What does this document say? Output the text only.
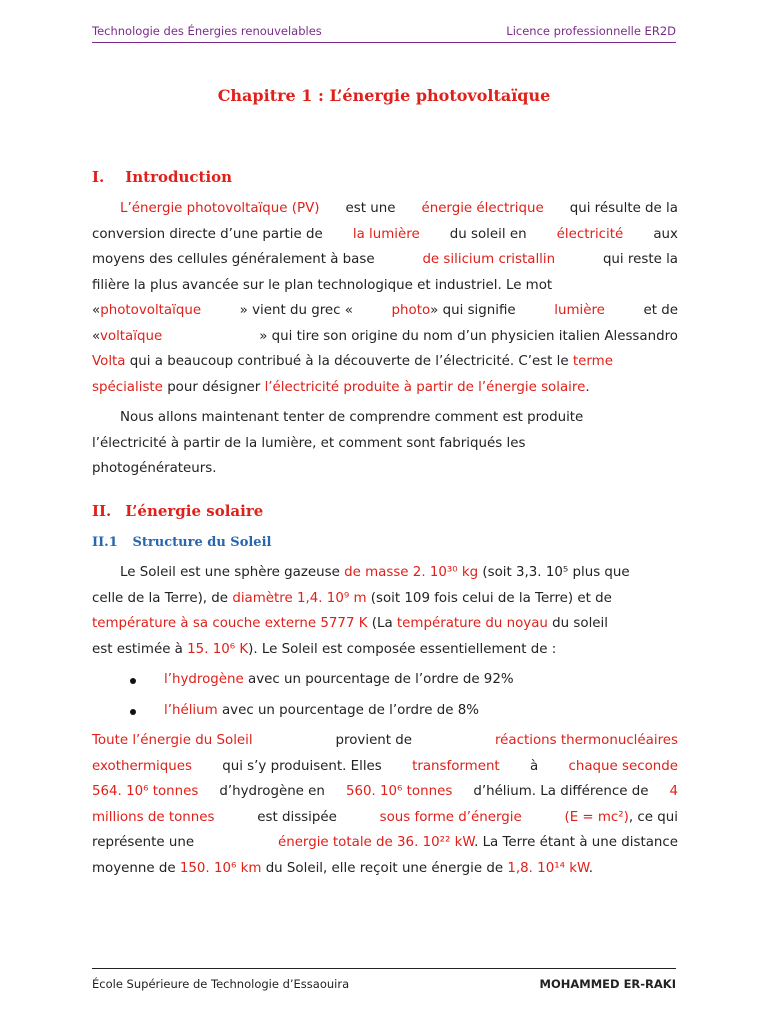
Technologie des Énergies renouvelables	Licence professionnelle ER2D
Chapitre 1 : L’énergie photovoltaïque
I. Introduction
L’énergie photovoltaïque (PV) est une énergie électrique qui résulte de la
conversion directe d’une partie de la lumière du soleil en électricité aux
moyens des cellules généralement à base	de silicium cristallin	qui reste la
filière la plus avancée sur le plan technologique et industriel. Le mot
«photovoltaïque	» vient du grec «	photo» qui signifie	lumière	et de
«voltaïque	» qui tire son origine du nom d’un physicien italien Alessandro
Volta qui a beaucoup contribué à la découverte de l’électricité. C’est le terme
spécialiste pour désigner l’électricité produite à partir de l’énergie solaire.
Nous allons maintenant tenter de comprendre comment est produite
l’électricité à partir de la lumière, et comment sont fabriqués les
photogénérateurs.
II. L’énergie solaire
II.1 Structure du Soleil
Le Soleil est une sphère gazeuse de masse 2. 10³⁰ kg (soit 3,3. 10⁵ plus que
celle de la Terre), de diamètre 1,4. 10⁹ m (soit 109 fois celui de la Terre) et de
température à sa couche externe 5777 K (La température du noyau du soleil
est estimée à 15. 10⁶ K). Le Soleil est composée essentiellement de :
l’hydrogène avec un pourcentage de l’ordre de 92%
l’hélium avec un pourcentage de l’ordre de 8%
Toute l’énergie du Soleil	provient de	réactions thermonucléaires
exothermiques qui s’y produisent. Elles transforment à chaque seconde
564. 10⁶ tonnes d’hydrogène en 560. 10⁶ tonnes d’hélium. La différence de 4
millions de tonnes	est dissipée	sous forme d’énergie	(E = mc²), ce qui
représente une	énergie totale de 36. 10²² kW. La Terre étant à une distance
moyenne de 150. 10⁶ km du Soleil, elle reçoit une énergie de 1,8. 10¹⁴ kW.
École Supérieure de Technologie d’Essaouira	MOHAMMED ER-RAKI
